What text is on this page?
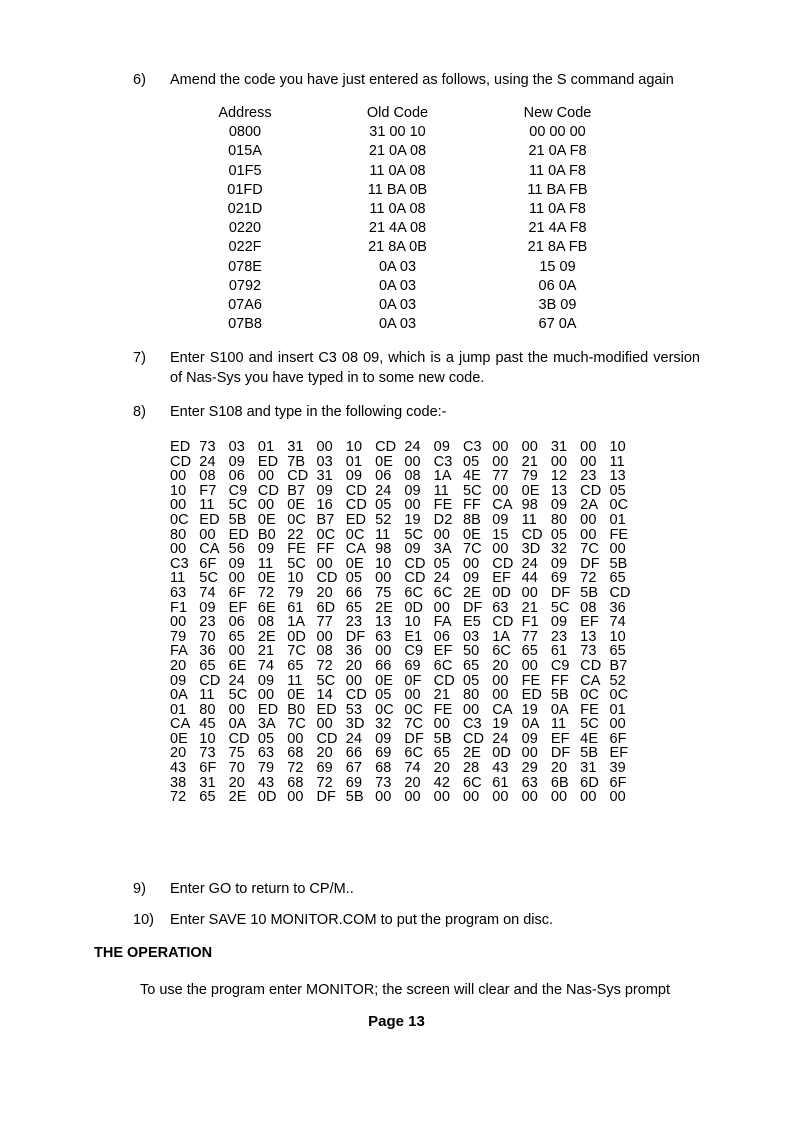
6)	Amend the code you have just entered as follows, using the S command again
Address	Old Code	New Code
0800	31 00 10	00 00 00
015A	21 0A 08	21 0A F8
01F5	11 0A 08	11 0A F8
01FD	11 BA 0B	11 BA FB
021D	11 0A 08	11 0A F8
0220	21 4A 08	21 4A F8
022F	21 8A 0B	21 8A FB
078E	0A 03	15 09
0792	0A 03	06 0A
07A6	0A 03	3B 09
07B8	0A 03	67 0A
7)	Enter S100 and insert C3 08 09, which is a jump past the much-modified version of Nas-Sys you have typed in to some new code.
8)	Enter S108 and type in the following code:-
ED 73 03 01 31 00 10 CD 24 09 C3 00 00 31 00 10
CD 24 09 ED 7B 03 01 0E 00 C3 05 00 21 00 00 11
00 08 06 00 CD 31 09 06 08 1A 4E 77 79 12 23 13
10 F7 C9 CD B7 09 CD 24 09 11 5C 00 0E 13 CD 05
00 11 5C 00 0E 16 CD 05 00 FE FF CA 98 09 2A 0C
0C ED 5B 0E 0C B7 ED 52 19 D2 8B 09 11 80 00 01
80 00 ED B0 22 0C 0C 11 5C 00 0E 15 CD 05 00 FE
00 CA 56 09 FE FF CA 98 09 3A 7C 00 3D 32 7C 00
C3 6F 09 11 5C 00 0E 10 CD 05 00 CD 24 09 DF 5B
11 5C 00 0E 10 CD 05 00 CD 24 09 EF 44 69 72 65
63 74 6F 72 79 20 66 75 6C 6C 2E 0D 00 DF 5B CD
F1 09 EF 6E 61 6D 65 2E 0D 00 DF 63 21 5C 08 36
00 23 06 08 1A 77 23 13 10 FA E5 CD F1 09 EF 74
79 70 65 2E 0D 00 DF 63 E1 06 03 1A 77 23 13 10
FA 36 00 21 7C 08 36 00 C9 EF 50 6C 65 61 73 65
20 65 6E 74 65 72 20 66 69 6C 65 20 00 C9 CD B7
09 CD 24 09 11 5C 00 0E 0F CD 05 00 FE FF CA 52
0A 11 5C 00 0E 14 CD 05 00 21 80 00 ED 5B 0C 0C
01 80 00 ED B0 ED 53 0C 0C FE 00 CA 19 0A FE 01
CA 45 0A 3A 7C 00 3D 32 7C 00 C3 19 0A 11 5C 00
0E 10 CD 05 00 CD 24 09 DF 5B CD 24 09 EF 4E 6F
20 73 75 63 68 20 66 69 6C 65 2E 0D 00 DF 5B EF
43 6F 70 79 72 69 67 68 74 20 28 43 29 20 31 39
38 31 20 43 68 72 69 73 20 42 6C 61 63 6B 6D 6F
72 65 2E 0D 00 DF 5B 00 00 00 00 00 00 00 00 00
9)	Enter GO to return to CP/M..
10)	Enter SAVE 10 MONITOR.COM to put the program on disc.
THE OPERATION
To use the program enter MONITOR; the screen will clear and the Nas-Sys prompt
Page 13
